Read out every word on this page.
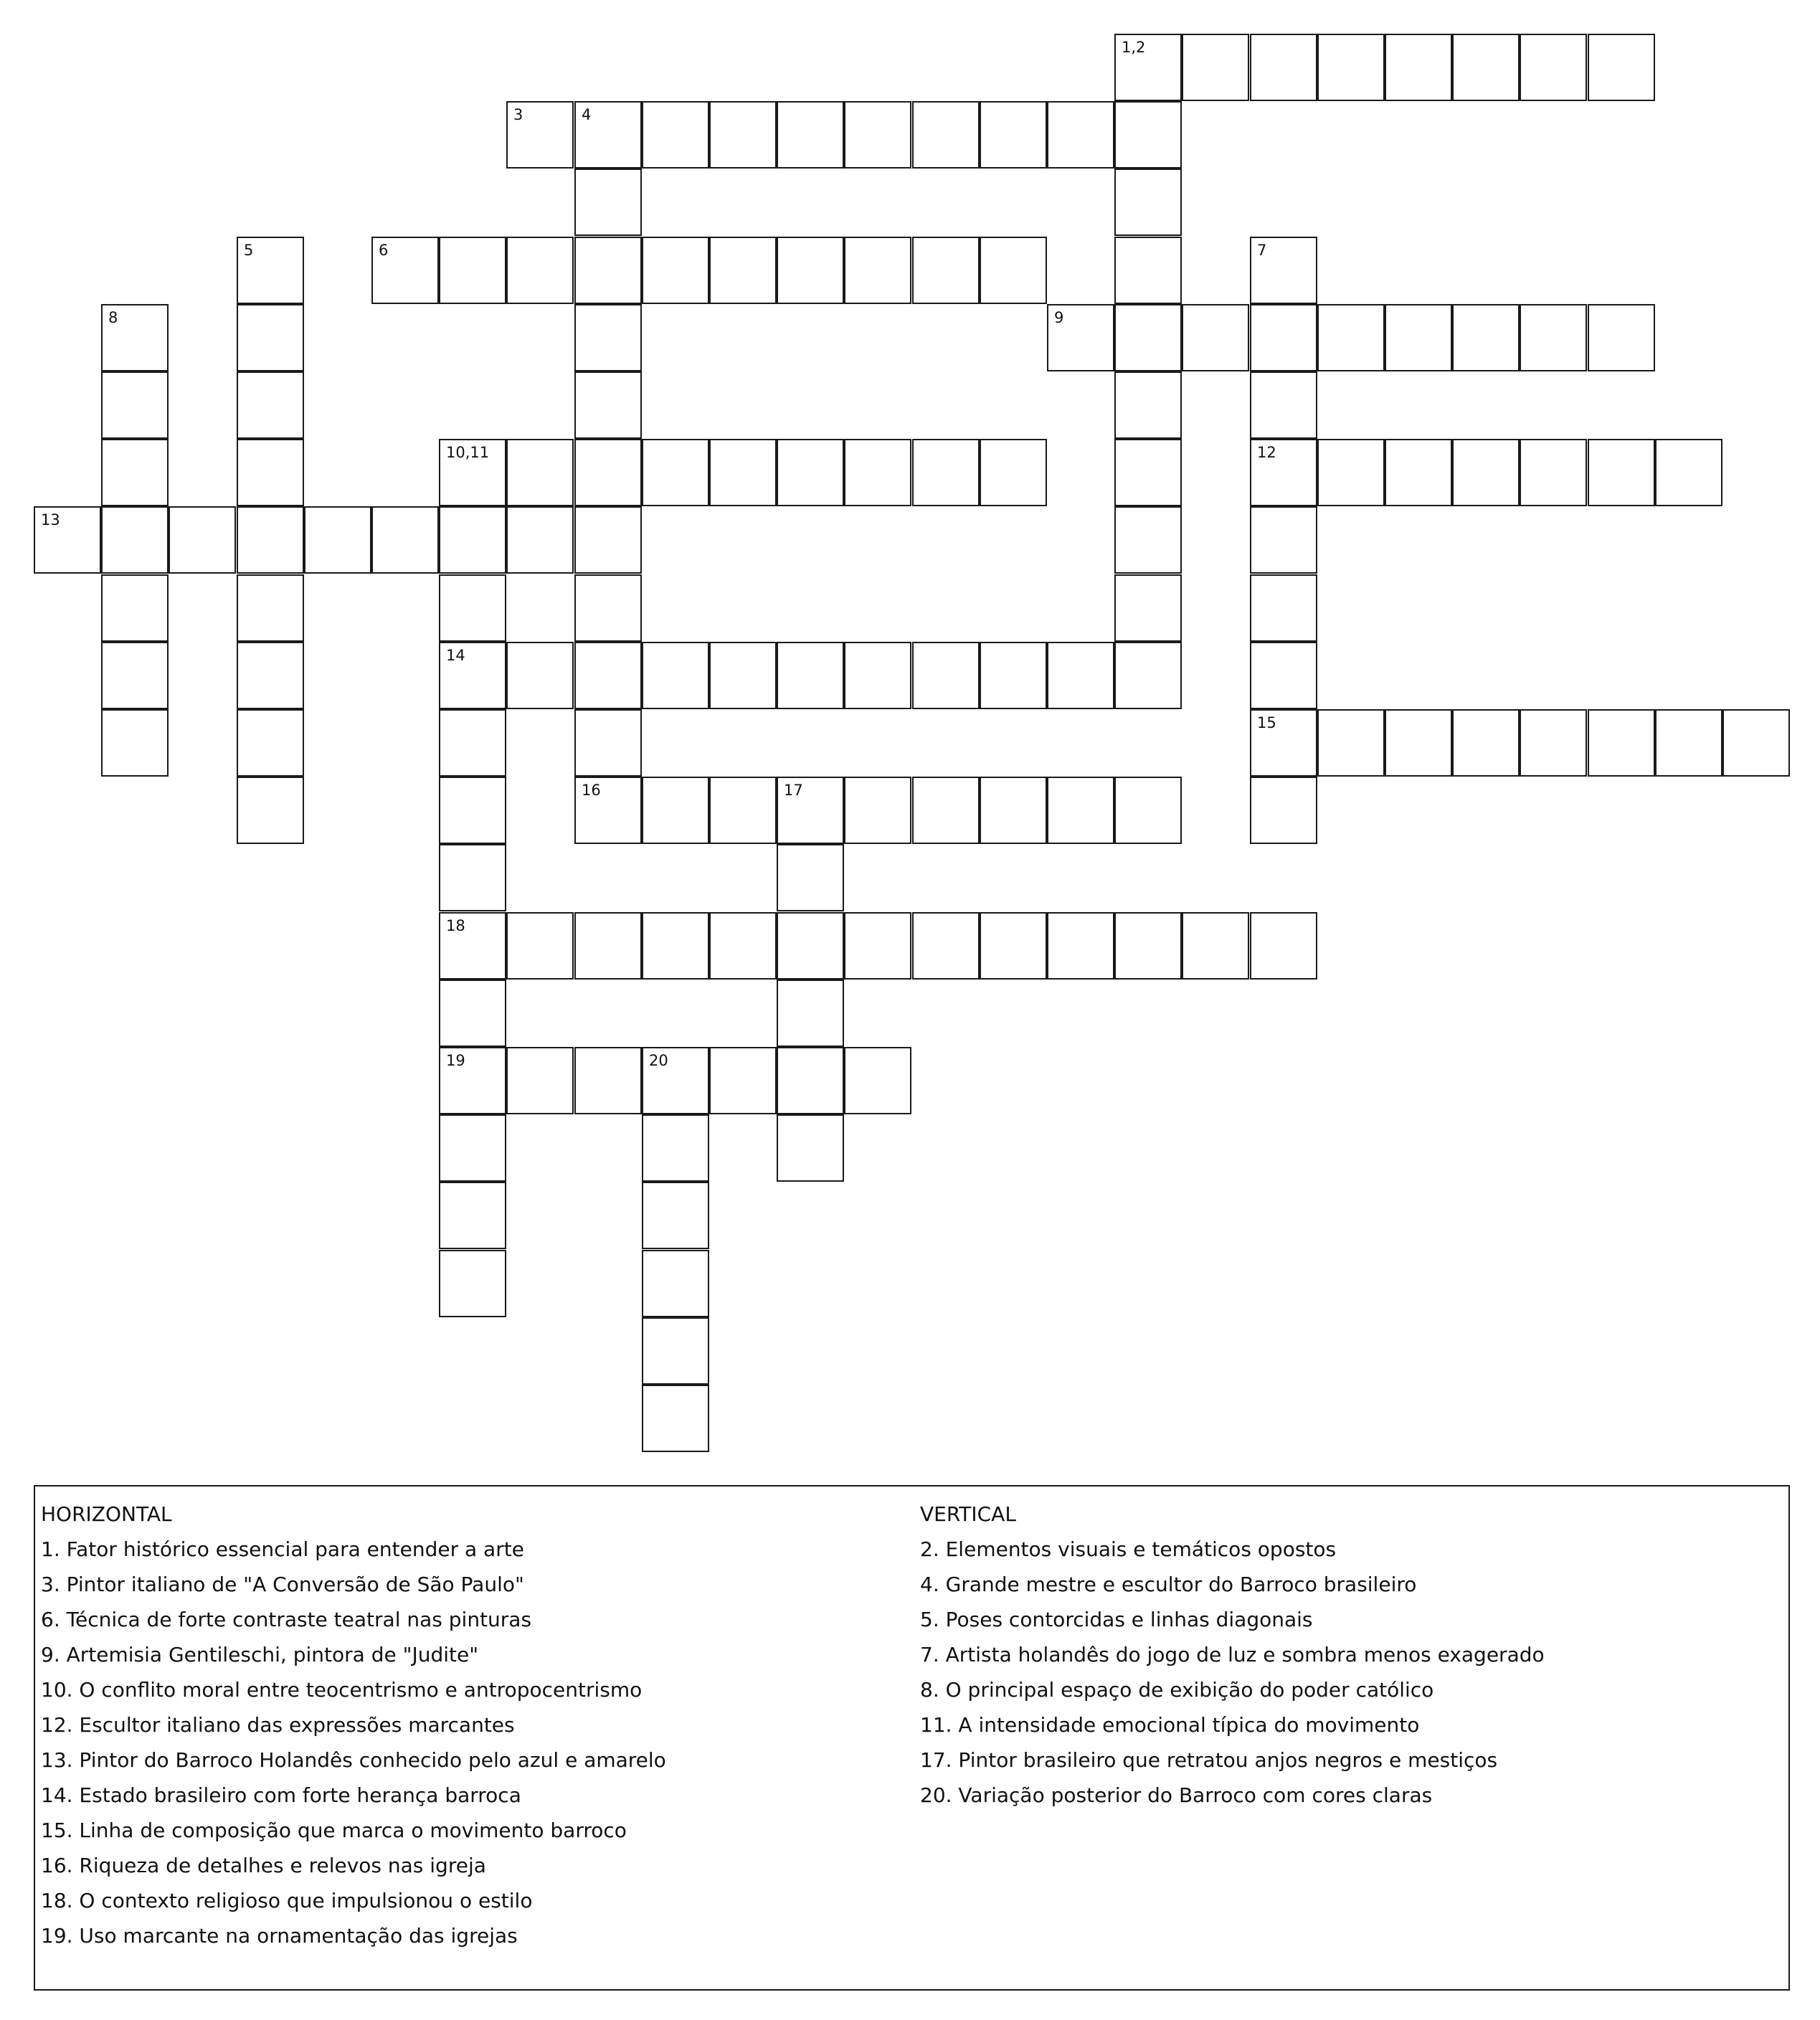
1,2
3	4
6
9
10,11	12
13
14
15
16	17
18
19	20
5	7
8
HORIZONTAL
1. Fator histórico essencial para entender a arte
3. Pintor italiano de "A Conversão de São Paulo"
6. Técnica de forte contraste teatral nas pinturas
9. Artemisia Gentileschi, pintora de "Judite"
10. O conflito moral entre teocentrismo e antropocentrismo
12. Escultor italiano das expressões marcantes
13. Pintor do Barroco Holandês conhecido pelo azul e amarelo
14. Estado brasileiro com forte herança barroca
15. Linha de composição que marca o movimento barroco
16. Riqueza de detalhes e relevos nas igreja
18. O contexto religioso que impulsionou o estilo
19. Uso marcante na ornamentação das igrejas
VERTICAL
2. Elementos visuais e temáticos opostos
4. Grande mestre e escultor do Barroco brasileiro
5. Poses contorcidas e linhas diagonais
7. Artista holandês do jogo de luz e sombra menos exagerado
8. O principal espaço de exibição do poder católico
11. A intensidade emocional típica do movimento
17. Pintor brasileiro que retratou anjos negros e mestiços
20. Variação posterior do Barroco com cores claras
